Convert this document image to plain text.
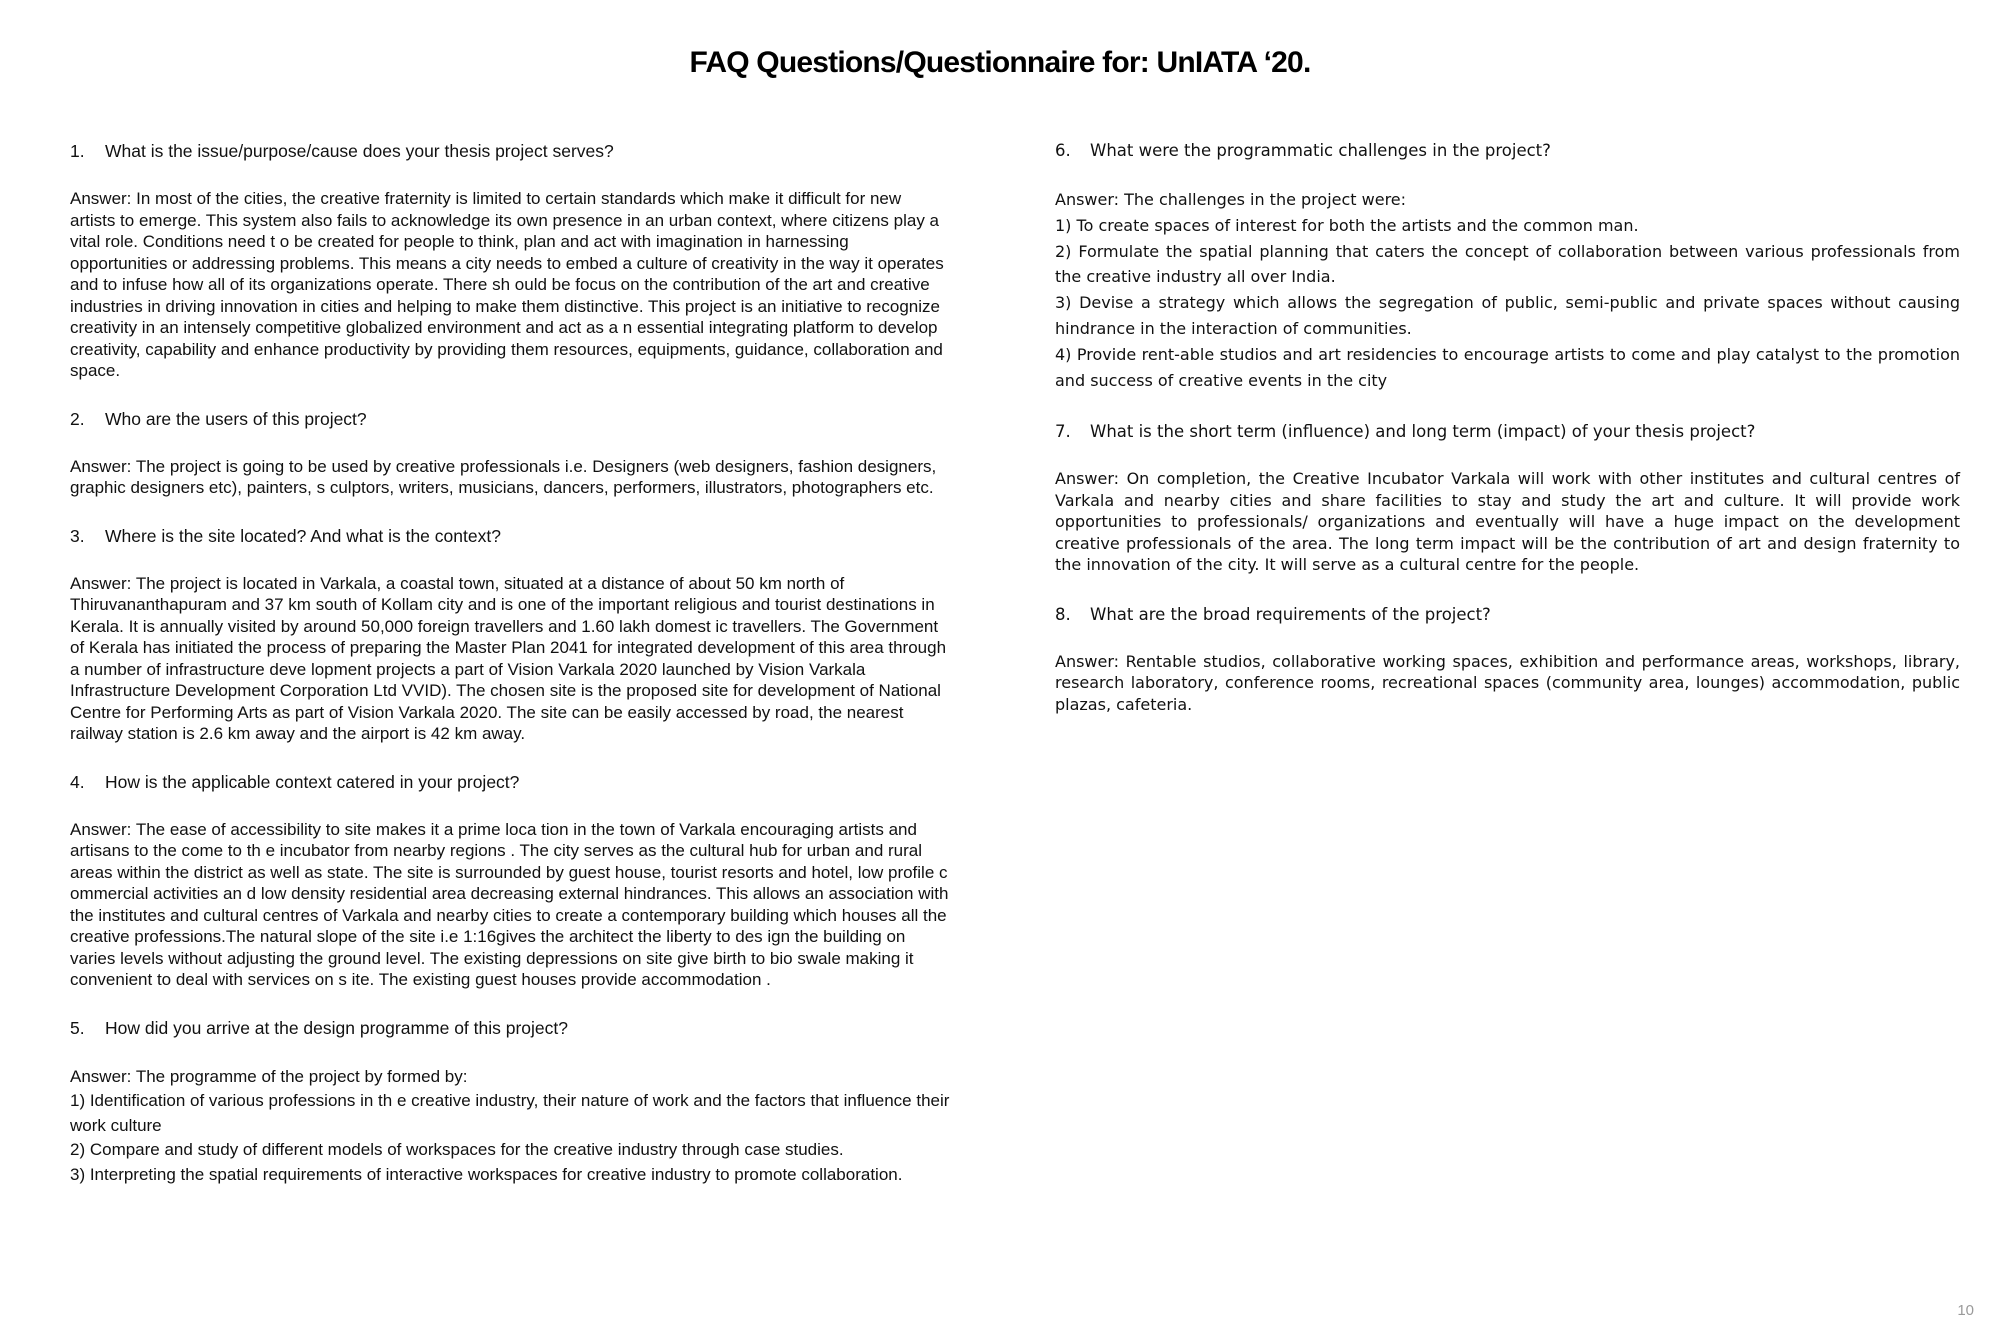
FAQ Questions/Questionnaire for: UnIATA ‘20.

1. What is the issue/purpose/cause does your thesis project serves?

Answer: In most of the cities, the creative fraternity is limited to certain standards which make it difficult for new artists to emerge. This system also fails to acknowledge its own presence in an urban context, where citizens play a vital role. Conditions need t o be created for people to think, plan and act with imagination in harnessing opportunities or addressing problems. This means a city needs to embed a culture of creativity in the way it operates and to infuse how all of its organizations operate. There sh ould be focus on the contribution of the art and creative industries in driving innovation in cities and helping to make them distinctive. This project is an initiative to recognize creativity in an intensely competitive globalized environment and act as a n essential integrating platform to develop creativity, capability and enhance productivity by providing them resources, equipments, guidance, collaboration and space.

2. Who are the users of this project?

Answer: The project is going to be used by creative professionals i.e. Designers (web designers, fashion designers, graphic designers etc), painters, s culptors, writers, musicians, dancers, performers, illustrators, photographers etc.

3. Where is the site located? And what is the context?

Answer: The project is located in Varkala, a coastal town, situated at a distance of about 50 km north of Thiruvananthapuram and 37 km south of Kollam city and is one of the important religious and tourist destinations in Kerala. It is annually visited by around 50,000 foreign travellers and 1.60 lakh domest ic travellers. The Government of Kerala has initiated the process of preparing the Master Plan 2041 for integrated development of this area through a number of infrastructure deve lopment projects a part of Vision Varkala 2020 launched by Vision Varkala Infrastructure Development Corporation Ltd VVID). The chosen site is the proposed site for development of National Centre for Performing Arts as part of Vision Varkala 2020. The site can be easily accessed by road, the nearest railway station is 2.6 km away and the airport is 42 km away.

4. How is the applicable context catered in your project?

Answer: The ease of accessibility to site makes it a prime loca tion in the town of Varkala encouraging artists and artisans to the come to th e incubator from nearby regions . The city serves as the cultural hub for urban and rural areas within the district as well as state. The site is surrounded by guest house, tourist resorts and hotel, low profile c ommercial activities an d low density residential area decreasing external hindrances. This allows an association with the institutes and cultural centres of Varkala and nearby cities to create a contemporary building which houses all the creative professions.The natural slope of the site i.e 1:16gives the architect the liberty to des ign the building on varies levels without adjusting the ground level. The existing depressions on site give birth to bio swale making it convenient to deal with services on s ite. The existing guest houses provide accommodation .

5. How did you arrive at the design programme of this project?

Answer: The programme of the project by formed by:
1) Identification of various professions in th e creative industry, their nature of work and the factors that influence their work culture
2) Compare and study of different models of workspaces for the creative industry through case studies.
3) Interpreting the spatial requirements of interactive workspaces for creative industry to promote collaboration.

6. What were the programmatic challenges in the project?

Answer: The challenges in the project were:
1) To create spaces of interest for both the artists and the common man.
2) Formulate the spatial planning that caters the concept of collaboration between various professionals from the creative industry all over India.
3) Devise a strategy which allows the segregation of public, semi-public and private spaces without causing hindrance in the interaction of communities.
4) Provide rent-able studios and art residencies to encourage artists to come and play catalyst to the promotion and success of creative events in the city

7. What is the short term (influence) and long term (impact) of your thesis project?

Answer: On completion, the Creative Incubator Varkala will work with other institutes and cultural centres of Varkala and nearby cities and share facilities to stay and study the art and culture. It will provide work opportunities to professionals/ organizations and eventually will have a huge impact on the development creative professionals of the area. The long term impact will be the contribution of art and design fraternity to the innovation of the city. It will serve as a cultural centre for the people.

8. What are the broad requirements of the project?

Answer: Rentable studios, collaborative working spaces, exhibition and performance areas, workshops, library, research laboratory, conference rooms, recreational spaces (community area, lounges) accommodation, public plazas, cafeteria.

10
